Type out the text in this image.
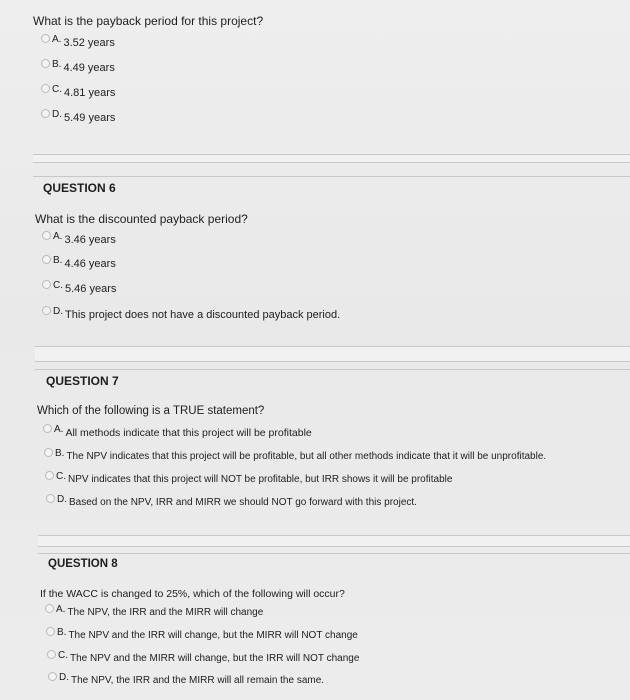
What is the payback period for this project?
A. 3.52 years
B. 4.49 years
C. 4.81 years
D. 5.49 years
QUESTION 6
What is the discounted payback period?
A. 3.46 years
B. 4.46 years
C. 5.46 years
D. This project does not have a discounted payback period.
QUESTION 7
Which of the following is a TRUE statement?
A. All methods indicate that this project will be profitable
B. The NPV indicates that this project will be profitable, but all other methods indicate that it will be unprofitable.
C. NPV indicates that this project will NOT be profitable, but IRR shows it will be profitable
D. Based on the NPV, IRR and MIRR we should NOT go forward with this project.
QUESTION 8
If the WACC is changed to 25%, which of the following will occur?
A. The NPV, the IRR and the MIRR will change
B. The NPV and the IRR will change, but the MIRR will NOT change
C. The NPV and the MIRR will change, but the IRR will NOT change
D. The NPV, the IRR and the MIRR will all remain the same.
